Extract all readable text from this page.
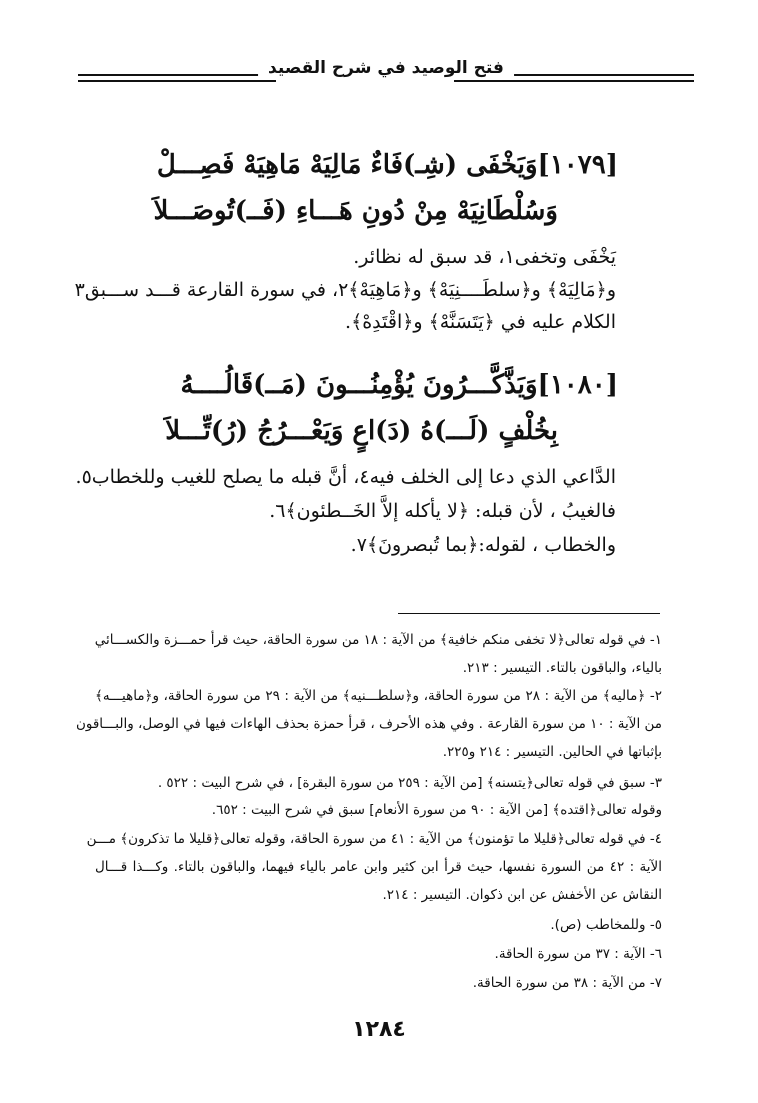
فتح الوصيد في شرح القصيد
[١٠٧٩]وَيَخْفَى (شِـ)فَاءٌ مَالِيَهْ مَاهِيَهْ فَصِـــلْ
وَسُلْطَانِيَهْ مِنْ دُونِ هَـــاءِ (فَــ)تُوصَـــلاَ
يَخْفَى وتخفى١، قد سبق له نظائر.
و﴿مَالِيَهْ﴾ و﴿سلطَــــنِيَهْ﴾ و﴿مَاهِيَهْ﴾٢، في سورة القارعة قـــد ســـبق٣
الكلام عليه في ﴿يَتَسَنَّهْ﴾ و﴿اقْتَدِهْ﴾.
[١٠٨٠]وَيَذَّكَّـــرُونَ يُؤْمِنُـــونَ (مَــ)قَالُــــهُ
بِخُلْفٍ (لَـــ)هُ (دَ)اعٍ وَيَعْـــرُجُ (رُ)تِّـــلاَ
الدَّاعي الذي دعا إلى الخلف فيه٤، أنَّ قبله ما يصلح للغيب وللخطاب٥.
فالغيبُ ، لأن قبله: ﴿لا يأكله إلاَّ الخَــطئون﴾٦.
والخطاب ، لقوله:﴿بما تُبصرونَ﴾٧.
١- في قوله تعالى﴿لا تخفى منكم خافية﴾ من الآية : ١٨ من سورة الحاقة، حيث قرأ حمـــزة والكســـائي
بالياء، والباقون بالتاء. التيسير : ٢١٣.
٢- ﴿ماليه﴾ من الآية : ٢٨ من سورة الحاقة، و﴿سلطـــنيه﴾ من الآية : ٢٩ من سورة الحاقة، و﴿ماهيـــه﴾
من الآية : ١٠ من سورة القارعة . وفي هذه الأحرف ، قرأ حمزة بحذف الهاءات فيها في الوصل، والبـــاقون
بإثباتها في الحالين. التيسير : ٢١٤ و٢٢٥.
٣- سبق في قوله تعالى﴿يتسنه﴾ [من الآية : ٢٥٩ من سورة البقرة] ، في شرح البيت : ٥٢٢ .
وقوله تعالى﴿اقتده﴾ [من الآية : ٩٠ من سورة الأنعام] سبق في شرح البيت : ٦٥٢.
٤- في قوله تعالى﴿قليلا ما تؤمنون﴾ من الآية : ٤١ من سورة الحاقة، وقوله تعالى﴿قليلا ما تذكرون﴾ مـــن
الآية : ٤٢ من السورة نفسها، حيث قرأ ابن كثير وابن عامر بالياء فيهما، والباقون بالتاء. وكـــذا قـــال
النقاش عن الأخفش عن ابن ذكوان. التيسير : ٢١٤.
٥- وللمخاطب (ص).
٦- الآية : ٣٧ من سورة الحاقة.
٧- من الآية : ٣٨ من سورة الحاقة.
١٢٨٤
